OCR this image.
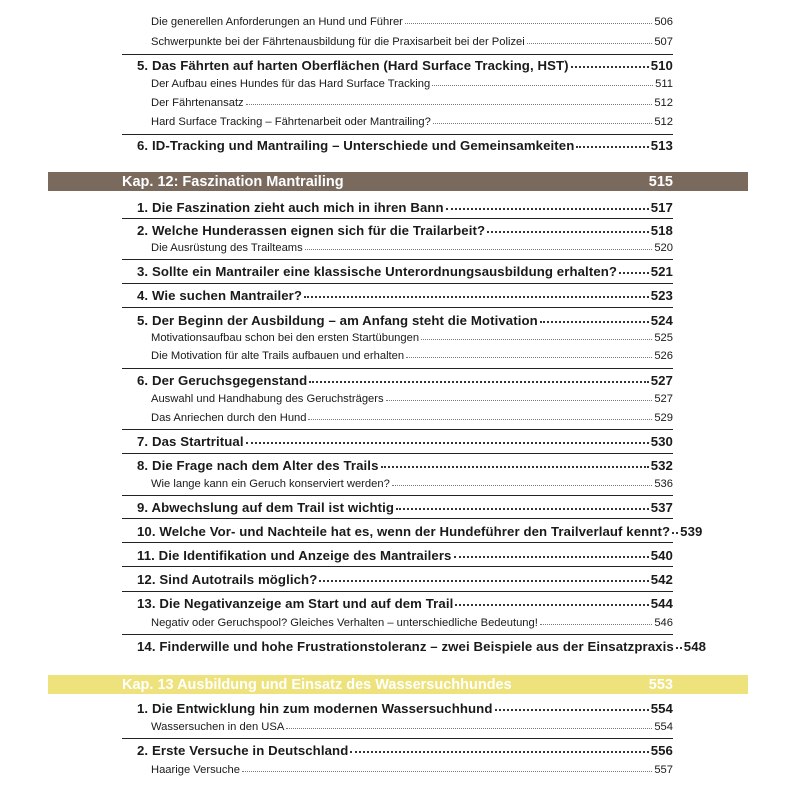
Die generellen Anforderungen an Hund und Führer	506
Schwerpunkte bei der Fährtenausbildung für die Praxisarbeit bei der Polizei	507
5. Das Fährten auf harten Oberflächen (Hard Surface Tracking, HST)	510
Der Aufbau eines Hundes für das Hard Surface Tracking	511
Der Fährtenansatz	512
Hard Surface Tracking – Fährtenarbeit oder Mantrailing?	512
6. ID-Tracking und Mantrailing – Unterschiede und Gemeinsamkeiten	513
Kap. 12: Faszination Mantrailing	515
1. Die Faszination zieht auch mich in ihren Bann	517
2. Welche Hunderassen eignen sich für die Trailarbeit?	518
Die Ausrüstung des Trailteams	520
3. Sollte ein Mantrailer eine klassische Unterordnungsausbildung erhalten?	521
4. Wie suchen Mantrailer?	523
5. Der Beginn der Ausbildung – am Anfang steht die Motivation	524
Motivationsaufbau schon bei den ersten Startübungen	525
Die Motivation für alte Trails aufbauen und erhalten	526
6. Der Geruchsgegenstand	527
Auswahl und Handhabung des Geruchsträgers	527
Das Anriechen durch den Hund	529
7. Das Startritual	530
8. Die Frage nach dem Alter des Trails	532
Wie lange kann ein Geruch konserviert werden?	536
9. Abwechslung auf dem Trail ist wichtig	537
10. Welche Vor- und Nachteile hat es, wenn der Hundeführer den Trailverlauf kennt? 539
11. Die Identifikation und Anzeige des Mantrailers	540
12. Sind Autotrails möglich?	542
13. Die Negativanzeige am Start und auf dem Trail	544
Negativ oder Geruchspool? Gleiches Verhalten – unterschiedliche Bedeutung!	546
14. Finderwille und hohe Frustrationstoleranz – zwei Beispiele aus der Einsatzpraxis 548
Kap. 13 Ausbildung und Einsatz des Wassersuchhundes	553
1. Die Entwicklung hin zum modernen Wassersuchhund	554
Wassersuchen in den USA	554
2. Erste Versuche in Deutschland	556
Haarige Versuche	557
